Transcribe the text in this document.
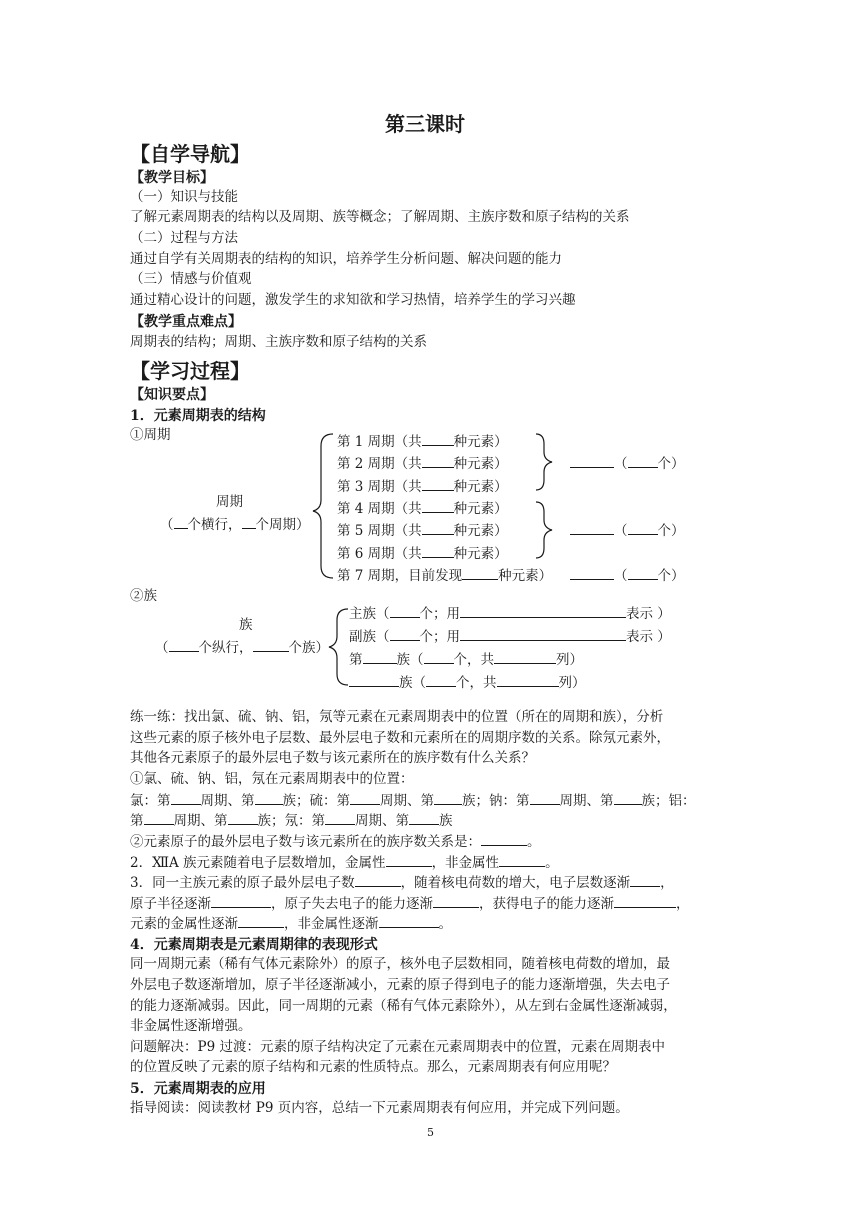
第三课时
【自学导航】
【教学目标】
（一）知识与技能
了解元素周期表的结构以及周期、族等概念；了解周期、主族序数和原子结构的关系
（二）过程与方法
通过自学有关周期表的结构的知识，培养学生分析问题、解决问题的能力
（三）情感与价值观
通过精心设计的问题，激发学生的求知欲和学习热情，培养学生的学习兴趣
【教学重点难点】
周期表的结构；周期、主族序数和原子结构的关系
【学习过程】
【知识要点】
1．元素周期表的结构
①周期
周期
（ 个横行， 个周期）
第 1 周期（共 种元素）
第 2 周期（共 种元素）
第 3 周期（共 种元素）
第 4 周期（共 种元素）
第 5 周期（共 种元素）
第 6 周期（共 种元素）
第 7 周期，目前发现	种元素）
（ 个）
（ 个）
（ 个）
②族
族
（ 个纵行，	个族）
主族（ 个；用	表示 ）
副族（ 个；用	表示 ）
第	族（ 个，共	列）
族（ 个，共	列）
练一练：找出氯、硫、钠、铝，氖等元素在元素周期表中的位置（所在的周期和族），分析
这些元素的原子核外电子层数、最外层电子数和元素所在的周期序数的关系。除氖元素外，
其他各元素原子的最外层电子数与该元素所在的族序数有什么关系？
①氯、硫、钠、铝，氖在元素周期表中的位置：
氯：第 周期、第 族；硫：第 周期、第 族；钠：第 周期、第 族；铝：
第 周期、第 族；氖：第 周期、第 族
②元素原子的最外层电子数与该元素所在的族序数关系是：	。
2．ⅫA 族元素随着电子层数增加，金属性	，非金属性	。
3．同一主族元素的原子最外层电子数	，随着核电荷数的增大，电子层数逐渐 ，
原子半径逐渐	，原子失去电子的能力逐渐	，获得电子的能力逐渐	，
元素的金属性逐渐	，非金属性逐渐	。
4．元素周期表是元素周期律的表现形式
同一周期元素（稀有气体元素除外）的原子，核外电子层数相同，随着核电荷数的增加，最
外层电子数逐渐增加，原子半径逐渐减小，元素的原子得到电子的能力逐渐增强，失去电子
的能力逐渐减弱。因此，同一周期的元素（稀有气体元素除外），从左到右金属性逐渐减弱，
非金属性逐渐增强。
问题解决：P9 过渡：元素的原子结构决定了元素在元素周期表中的位置，元素在周期表中
的位置反映了元素的原子结构和元素的性质特点。那么，元素周期表有何应用呢？
5．元素周期表的应用
指导阅读：阅读教材 P9 页内容，总结一下元素周期表有何应用，并完成下列问题。
5
